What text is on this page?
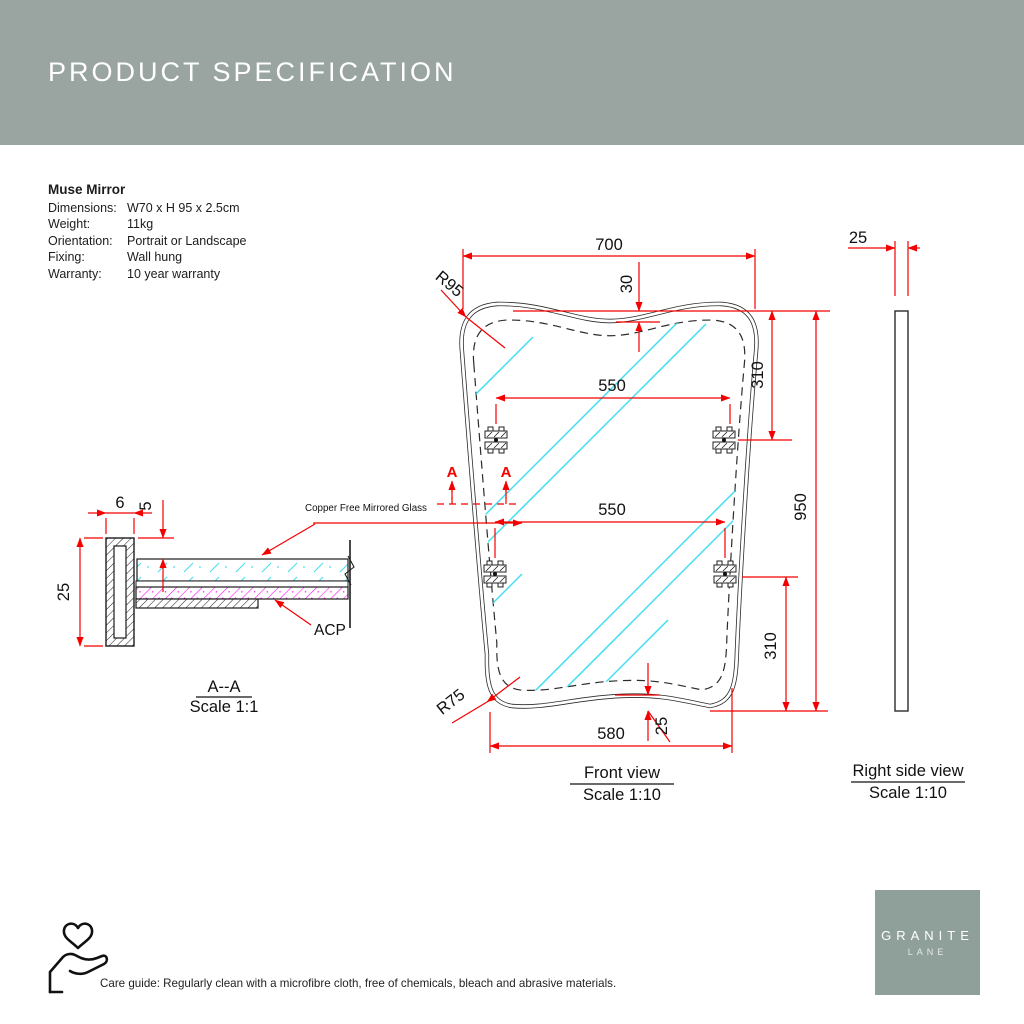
PRODUCT SPECIFICATION
Muse Mirror
Dimensions: W70 x H 95 x 2.5cm
Weight:	11kg
Orientation:	Portrait or Landscape
Fixing:	Wall hung
Warranty:	10 year warranty
700
30
R95
550
550
310
950
310
R75
25
580
A	A
Front view
Scale 1:10
25
Right side view
Scale 1:10
6 5
25
Copper Free Mirrored Glass
ACP
A--A
Scale 1:1
Care guide: Regularly clean with a microfibre cloth, free of chemicals, bleach and abrasive materials.
GRANITE
LANE
